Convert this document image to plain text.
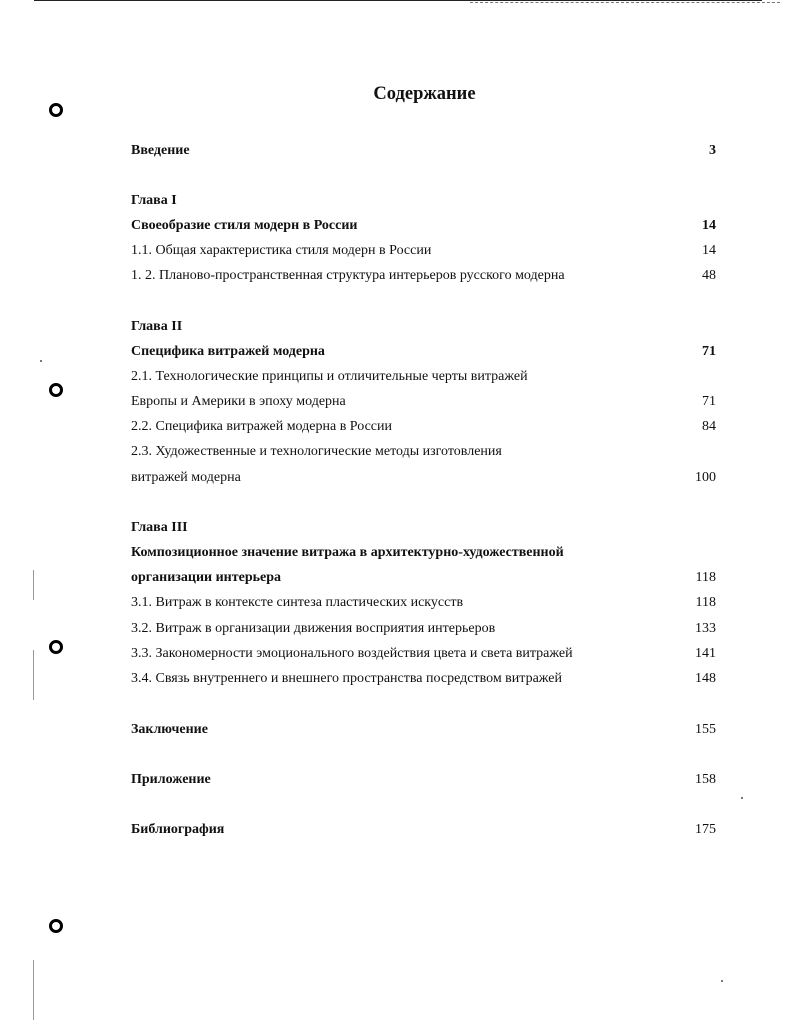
Содержание
Введение	3
Глава I
Своеобразие стиля модерн в России	14
1.1. Общая характеристика стиля модерн в России	14
1. 2. Планово-пространственная структура интерьеров русского модерна	48
Глава II
Специфика витражей модерна	71
2.1. Технологические принципы и отличительные черты витражей
Европы и Америки в эпоху модерна	71
2.2. Специфика витражей модерна в России	84
2.3. Художественные и технологические методы изготовления
витражей модерна	100
Глава III
Композиционное значение витража в архитектурно-художественной
организации интерьера	118
3.1. Витраж в контексте синтеза пластических искусств	118
3.2. Витраж в организации движения восприятия интерьеров	133
3.3. Закономерности эмоционального воздействия цвета и света витражей	141
3.4. Связь внутреннего и внешнего пространства посредством витражей	148
Заключение	155
Приложение	158
Библиография	175
